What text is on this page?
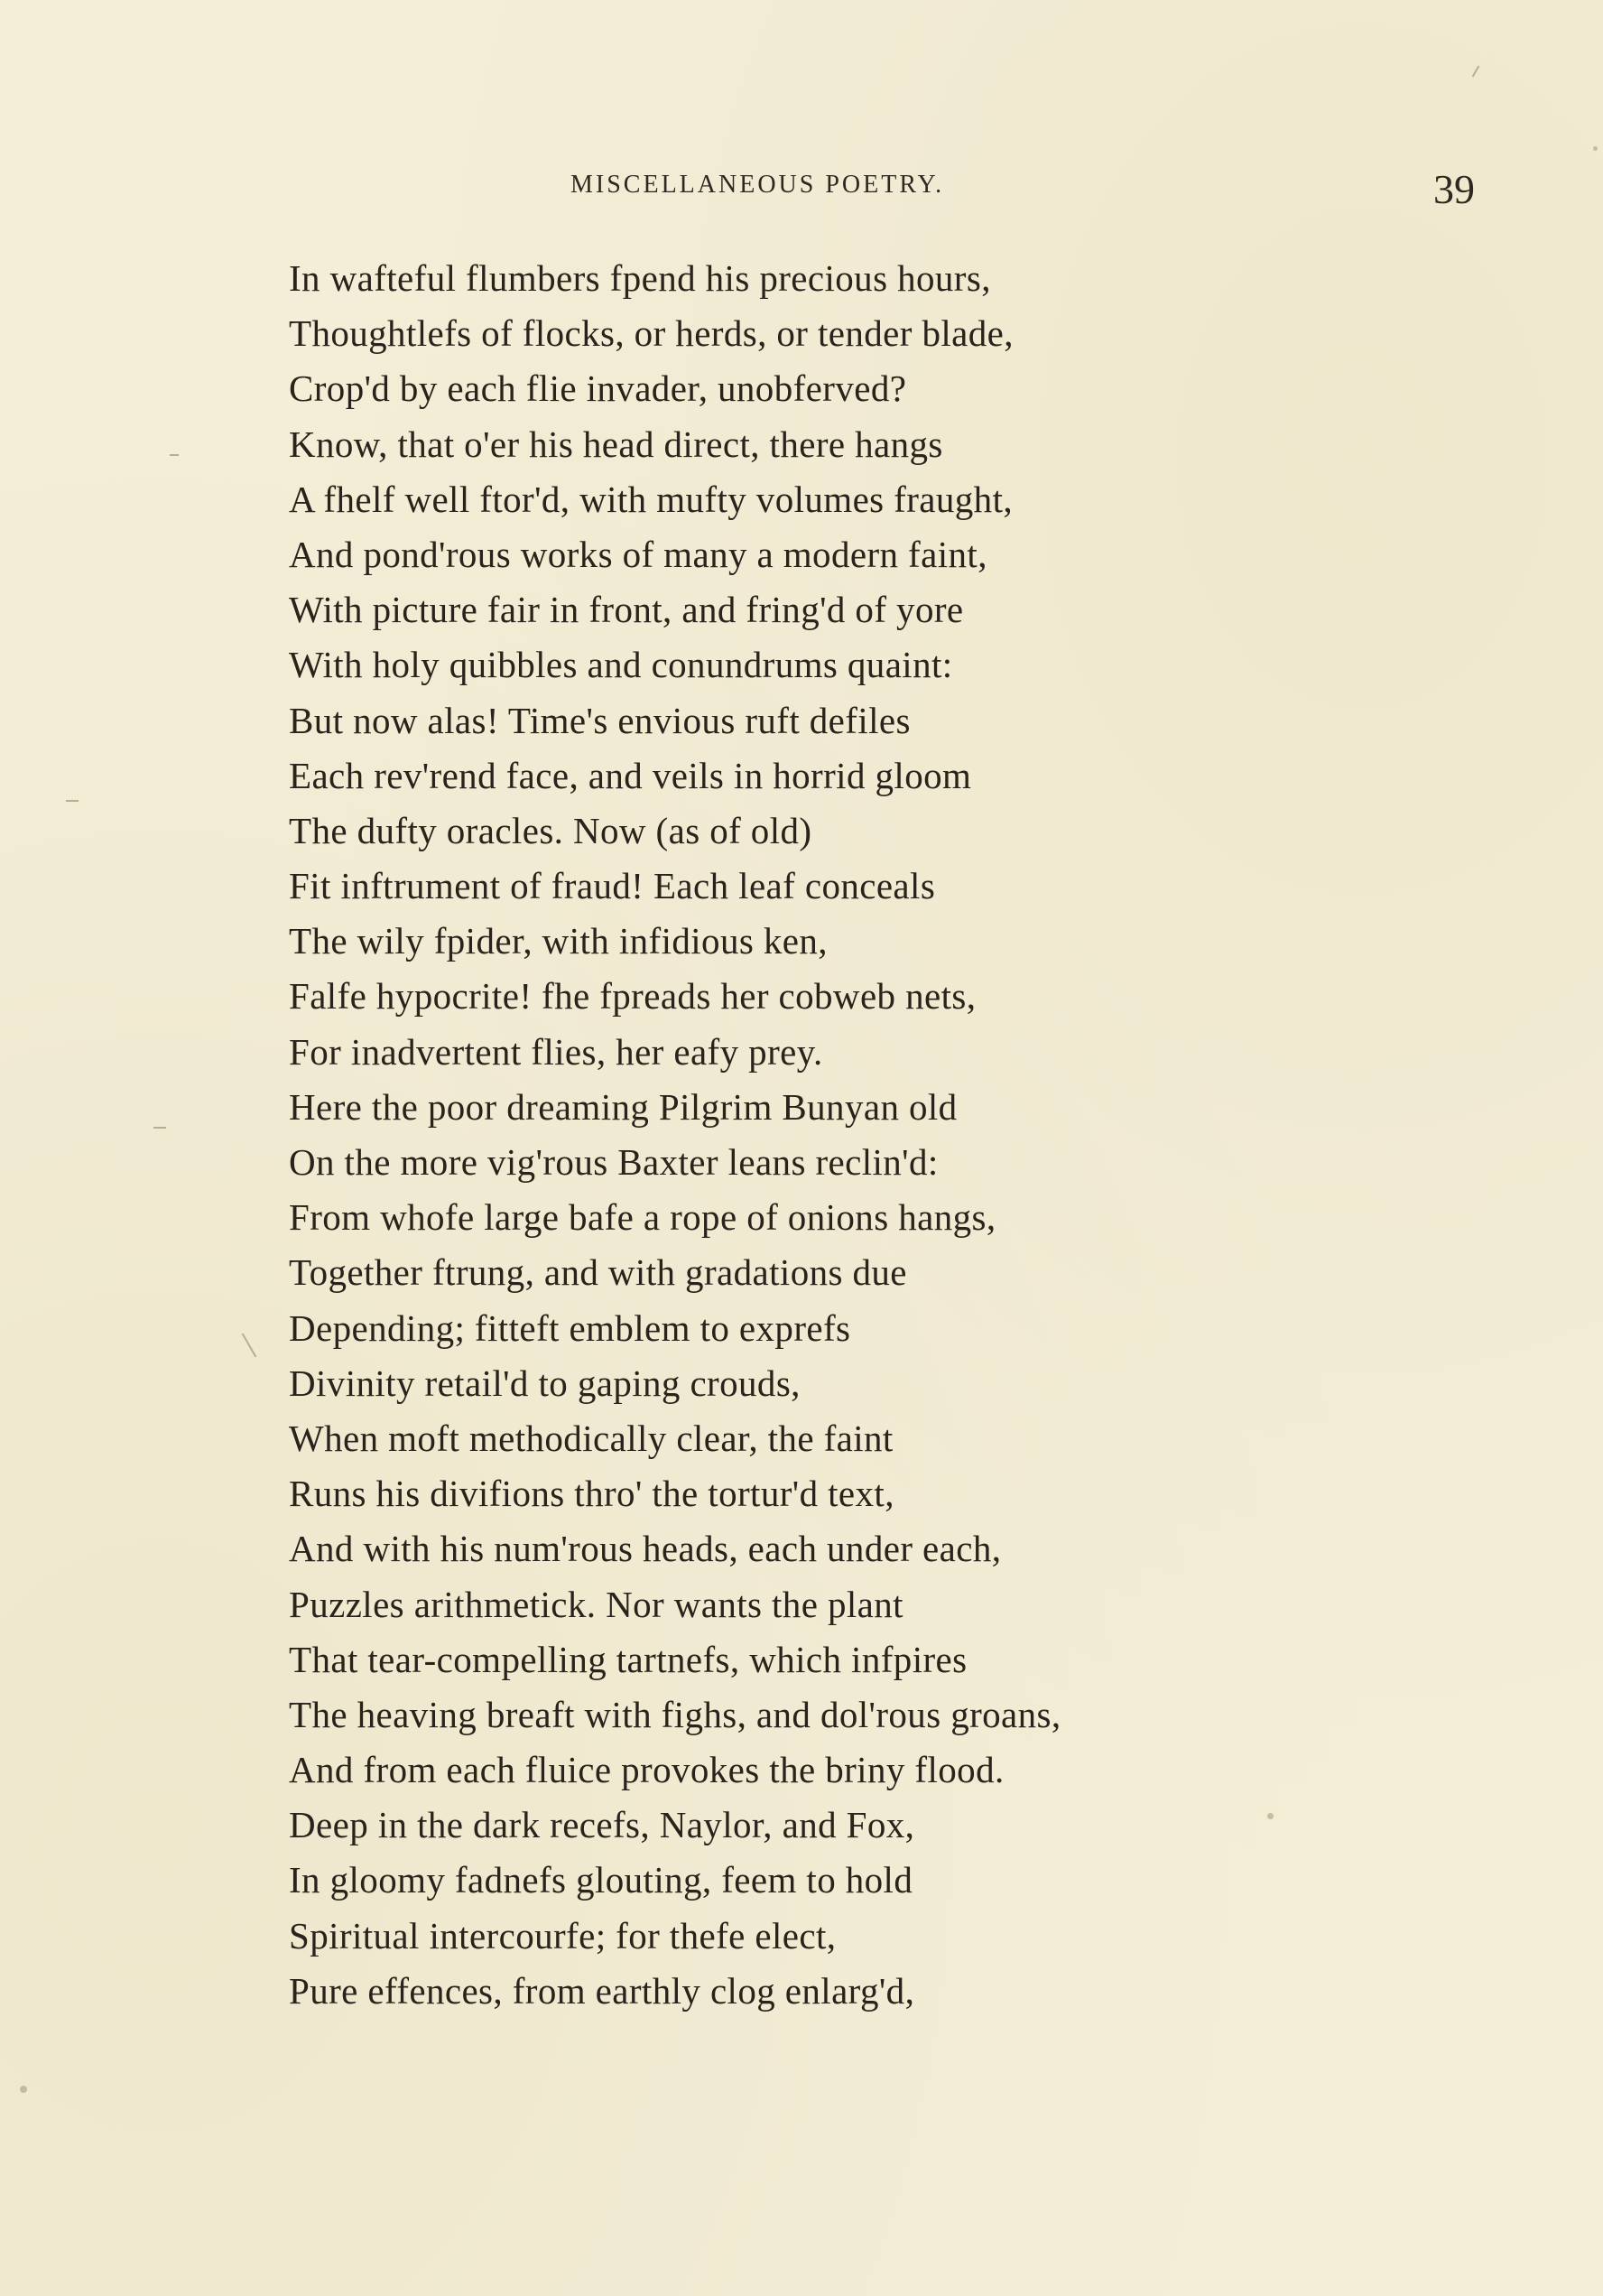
MISCELLANEOUS POETRY.	39
In wafteful flumbers fpend his precious hours,
Thoughtlefs of flocks, or herds, or tender blade,
Crop'd by each flie invader, unobferved?
Know, that o'er his head direct, there hangs
A fhelf well ftor'd, with mufty volumes fraught,
And pond'rous works of many a modern faint,
With picture fair in front, and fring'd of yore
With holy quibbles and conundrums quaint:
But now alas! Time's envious ruft defiles
Each rev'rend face, and veils in horrid gloom
The dufty oracles. Now (as of old)
Fit inftrument of fraud! Each leaf conceals
The wily fpider, with infidious ken,
Falfe hypocrite! fhe fpreads her cobweb nets,
For inadvertent flies, her eafy prey.
Here the poor dreaming Pilgrim Bunyan old
On the more vig'rous Baxter leans reclin'd:
From whofe large bafe a rope of onions hangs,
Together ftrung, and with gradations due
Depending; fitteft emblem to exprefs
Divinity retail'd to gaping crouds,
When moft methodically clear, the faint
Runs his divifions thro' the tortur'd text,
And with his num'rous heads, each under each,
Puzzles arithmetick. Nor wants the plant
That tear-compelling tartnefs, which infpires
The heaving breaft with fighs, and dol'rous groans,
And from each fluice provokes the briny flood.
Deep in the dark recefs, Naylor, and Fox,
In gloomy fadnefs glouting, feem to hold
Spiritual intercourfe; for thefe elect,
Pure effences, from earthly clog enlarg'd,
